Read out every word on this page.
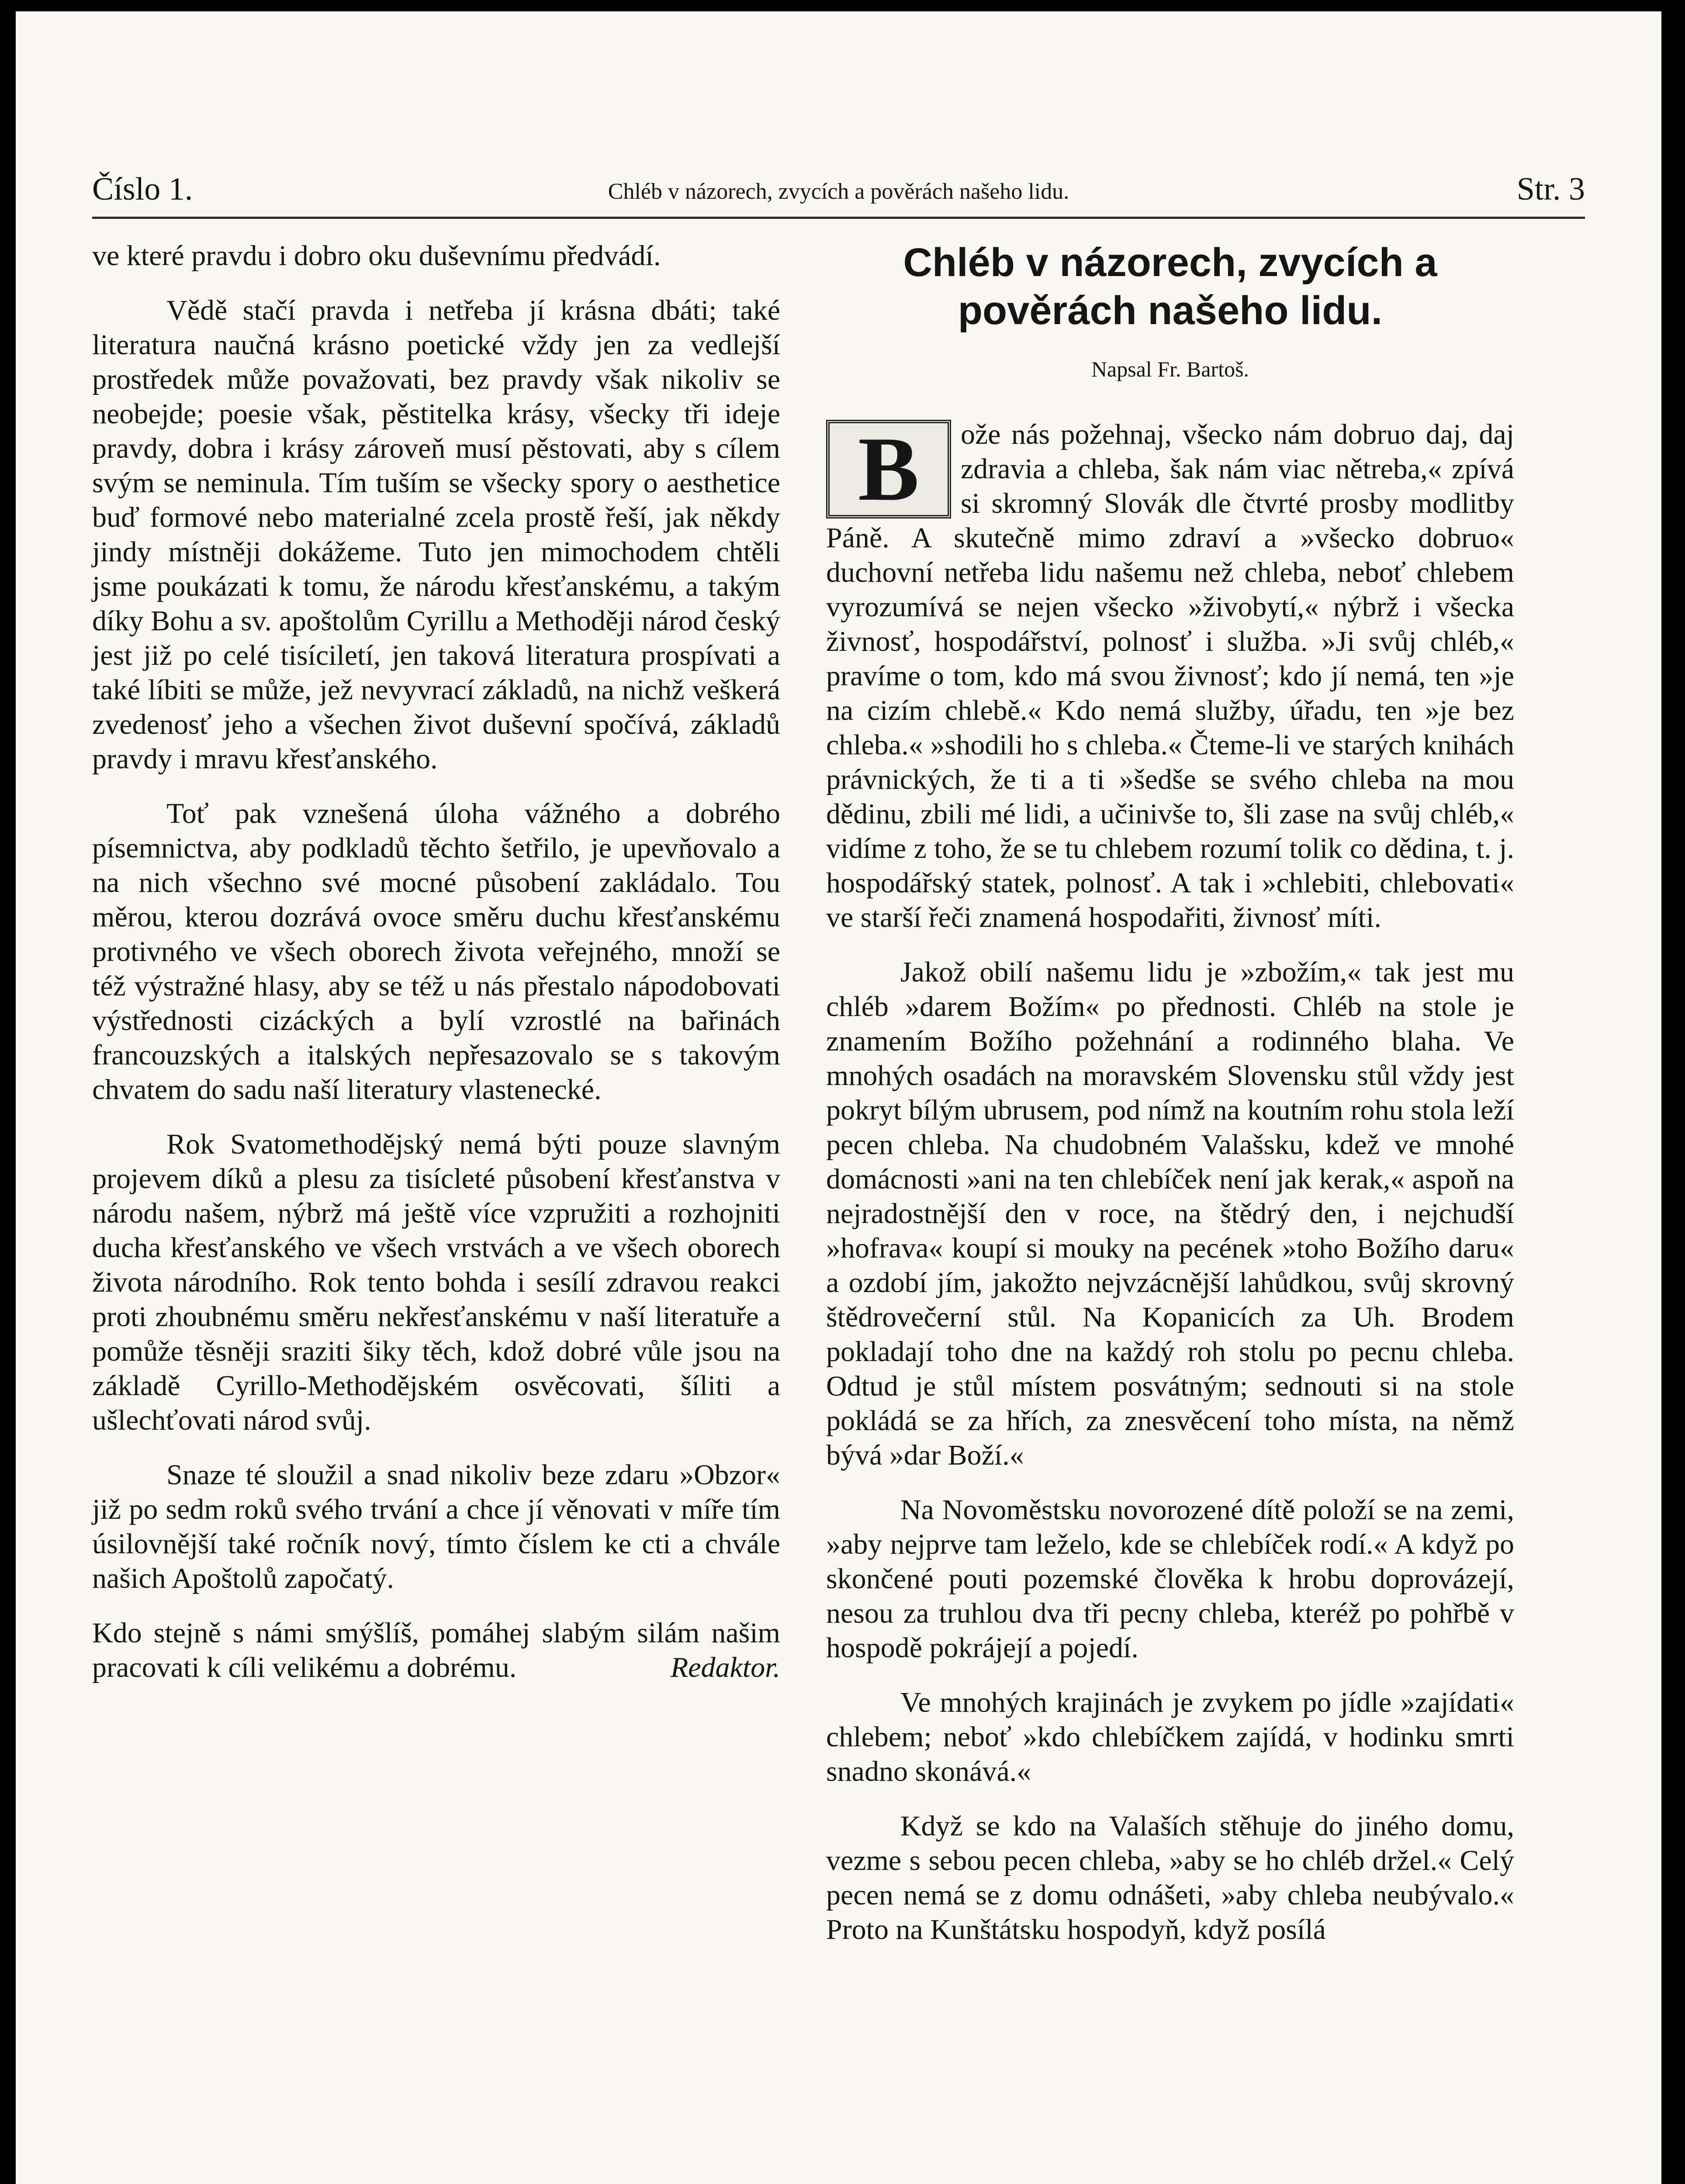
Číslo 1.	Chléb v názorech, zvycích a pověrách našeho lidu.	Str. 3

ve které pravdu i dobro oku duševnímu předvádí.

Vědě stačí pravda i netřeba jí krásna dbáti; také literatura naučná krásno poetické vždy jen za vedlejší prostředek může považovati, bez pravdy však nikoliv se neobejde; poesie však, pěstitelka krásy, všecky tři ideje pravdy, dobra i krásy zároveň musí pěstovati, aby s cílem svým se neminula. Tím tuším se všecky spory o aesthetice buď formové nebo materialné zcela prostě řeší, jak někdy jindy místněji dokážeme. Tuto jen mimochodem chtěli jsme poukázati k tomu, že národu křesťanskému, a takým díky Bohu a sv. apoštolům Cyrillu a Methoději národ český jest již po celé tisíciletí, jen taková literatura prospívati a také líbiti se může, jež nevyvrací základů, na nichž veškerá zvedenosť jeho a všechen život duševní spočívá, základů pravdy i mravu křesťanského.

Toť pak vznešená úloha vážného a dobrého písemnictva, aby podkladů těchto šetřilo, je upevňovalo a na nich všechno své mocné působení zakládalo. Tou měrou, kterou dozrává ovoce směru duchu křesťanskému protivného ve všech oborech života veřejného, množí se též výstražné hlasy, aby se též u nás přestalo nápodobovati výstřednosti cizáckých a bylí vzrostlé na bařinách francouzských a italských nepřesazovalo se s takovým chvatem do sadu naší literatury vlastenecké.

Rok Svatomethodějský nemá býti pouze slavným projevem díků a plesu za tisícleté působení křesťanstva v národu našem, nýbrž má ještě více vzpružiti a rozhojniti ducha křesťanského ve všech vrstvách a ve všech oborech života národního. Rok tento bohda i sesílí zdravou reakci proti zhoubnému směru nekřesťanskému v naší literatuře a pomůže těsněji sraziti šiky těch, kdož dobré vůle jsou na základě Cyrillo-Methodějském osvěcovati, šíliti a ušlechťovati národ svůj.

Snaze té sloužil a snad nikoliv beze zdaru »Obzor« již po sedm roků svého trvání a chce jí věnovati v míře tím úsilovnější také ročník nový, tímto číslem ke cti a chvále našich Apoštolů započatý.

Kdo stejně s námi smýšlíš, pomáhej slabým silám našim pracovati k cíli velikému a dobrému.	Redaktor.

Chléb v názorech, zvycích a pověrách našeho lidu.
Napsal Fr. Bartoš.

B	ože nás požehnaj, všecko nám dobruo daj, daj zdravia a chleba, šak nám viac nětreba,« zpívá si skromný Slovák dle čtvrté prosby modlitby Páně. A skutečně mimo zdraví a »všecko dobruo« duchovní netřeba lidu našemu než chleba, neboť chlebem vyrozumívá se nejen všecko »živobytí,« nýbrž i všecka živnosť, hospodářství, polnosť i služba. »Ji svůj chléb,« pravíme o tom, kdo má svou živnosť; kdo jí nemá, ten »je na cizím chlebě.« Kdo nemá služby, úřadu, ten »je bez chleba.« »shodili ho s chleba.« Čteme-li ve starých knihách právnických, že ti a ti »šedše se svého chleba na mou dědinu, zbili mé lidi, a učinivše to, šli zase na svůj chléb,« vidíme z toho, že se tu chlebem rozumí tolik co dědina, t. j. hospodářský statek, polnosť. A tak i »chlebiti, chlebovati« ve starší řeči znamená hospodařiti, živnosť míti.

Jakož obilí našemu lidu je »zbožím,« tak jest mu chléb »darem Božím« po přednosti. Chléb na stole je znamením Božího požehnání a rodinného blaha. Ve mnohých osadách na moravském Slovensku stůl vždy jest pokryt bílým ubrusem, pod nímž na koutním rohu stola leží pecen chleba. Na chudobném Valašsku, kdež ve mnohé domácnosti »ani na ten chlebíček není jak kerak,« aspoň na nejradostnější den v roce, na štědrý den, i nejchudší »hofrava« koupí si mouky na pecének »toho Božího daru« a ozdobí jím, jakožto nejvzácnější lahůdkou, svůj skrovný štědrovečerní stůl. Na Kopanicích za Uh. Brodem pokladají toho dne na každý roh stolu po pecnu chleba. Odtud je stůl místem posvátným; sednouti si na stole pokládá se za hřích, za znesvěcení toho místa, na němž bývá »dar Boží.«

Na Novoměstsku novorozené dítě položí se na zemi, »aby nejprve tam leželo, kde se chlebíček rodí.« A když po skončené pouti pozemské člověka k hrobu doprovázejí, nesou za truhlou dva tři pecny chleba, kteréž po pohřbě v hospodě pokrájejí a pojedí.

Ve mnohých krajinách je zvykem po jídle »zajídati« chlebem; neboť »kdo chlebíčkem zajídá, v hodinku smrti snadno skonává.«

Když se kdo na Valaších stěhuje do jiného domu, vezme s sebou pecen chleba, »aby se ho chléb držel.« Celý pecen nemá se z domu odnášeti, »aby chleba neubývalo.« Proto na Kunštátsku hospodyň, když posílá
